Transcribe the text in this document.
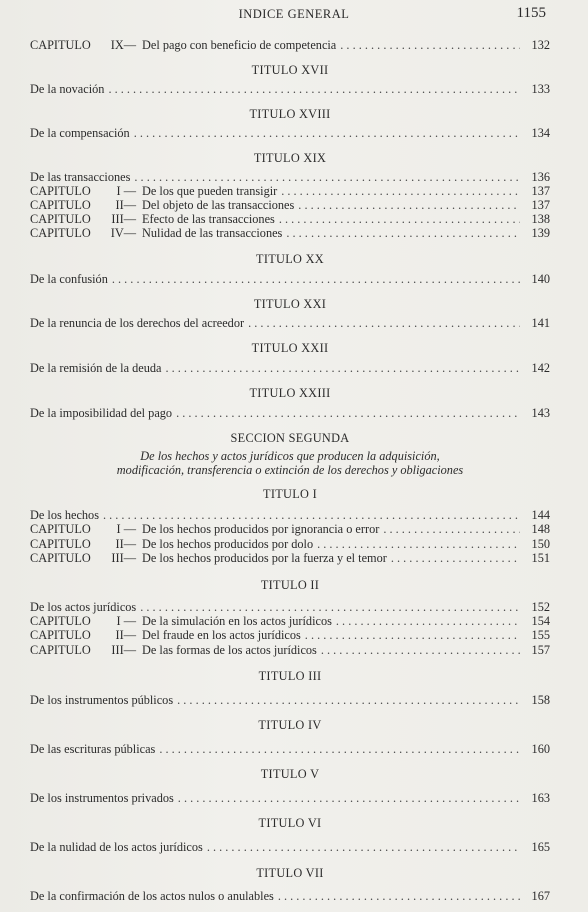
INDICE GENERAL	1155
CAPITULO	IX— Del pago con beneficio de competencia . . .	132
TITULO XVII
De la novación . . .	133
TITULO XVIII
De la compensación . . .	134
TITULO XIX
De las transacciones . . .	136
CAPITULO	I — De los que pueden transigir . . .	137
CAPITULO	II— Del objeto de las transacciones . . .	137
CAPITULO	III— Efecto de las transacciones . . .	138
CAPITULO	IV— Nulidad de las transacciones . . .	139
TITULO XX
De la confusión . . .	140
TITULO XXI
De la renuncia de los derechos del acreedor . . .	141
TITULO XXII
De la remisión de la deuda . . .	142
TITULO XXIII
De la imposibilidad del pago . . .	143
SECCION SEGUNDA
De los hechos y actos jurídicos que producen la adquisición,
modificación, transferencia o extinción de los derechos y obligaciones
TITULO I
De los hechos . . .	144
CAPITULO	I — De los hechos producidos por ignorancia o error . . .	148
CAPITULO	II— De los hechos producidos por dolo . . .	150
CAPITULO	III— De los hechos producidos por la fuerza y el temor . . .	151
TITULO II
De los actos jurídicos . . .	152
CAPITULO	I — De la simulación en los actos jurídicos . . .	154
CAPITULO	II— Del fraude en los actos jurídicos . . .	155
CAPITULO	III— De las formas de los actos jurídicos . . .	157
TITULO III
De los instrumentos públicos . . .	158
TITULO IV
De las escrituras públicas . . .	160
TITULO V
De los instrumentos privados . . .	163
TITULO VI
De la nulidad de los actos jurídicos . . .	165
TITULO VII
De la confirmación de los actos nulos o anulables . . .	167
